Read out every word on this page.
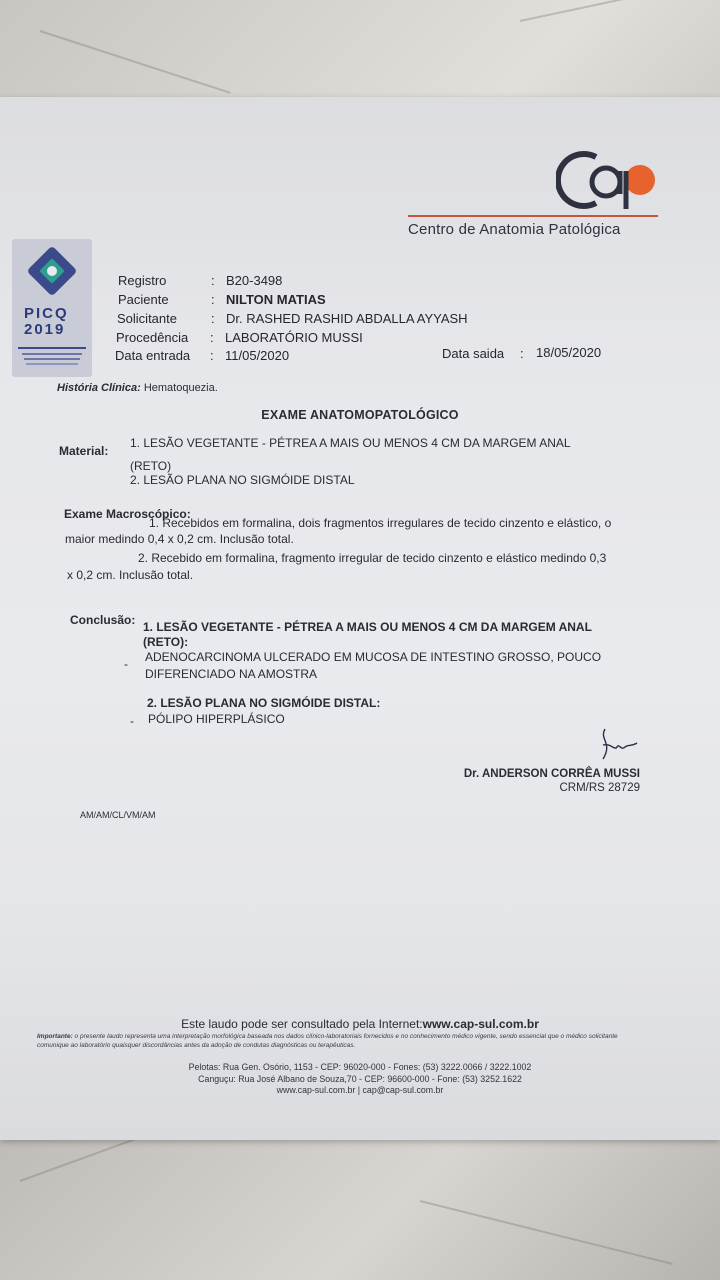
Centro de Anatomia Patológica
PICQ
2019
Registro	: B20-3498
Paciente	: NILTON MATIAS
Solicitante	: Dr. RASHED RASHID ABDALLA AYYASH
Procedência : LABORATÓRIO MUSSI
Data entrada : 11/05/2020	Data saida : 18/05/2020
História Clínica: Hematoquezia.
EXAME ANATOMOPATOLÓGICO
Material:
1. LESÃO VEGETANTE - PÉTREA A MAIS OU MENOS 4 CM DA MARGEM ANAL
(RETO)
2. LESÃO PLANA NO SIGMÓIDE DISTAL
Exame Macroscópico:
1. Recebidos em formalina, dois fragmentos irregulares de tecido cinzento e elástico, o
maior medindo 0,4 x 0,2 cm. Inclusão total.
2. Recebido em formalina, fragmento irregular de tecido cinzento e elástico medindo 0,3
x 0,2 cm. Inclusão total.
Conclusão: 1. LESÃO VEGETANTE - PÉTREA A MAIS OU MENOS 4 CM DA MARGEM ANAL
(RETO):
- ADENOCARCINOMA ULCERADO EM MUCOSA DE INTESTINO GROSSO, POUCO
DIFERENCIADO NA AMOSTRA
2. LESÃO PLANA NO SIGMÓIDE DISTAL:
- PÓLIPO HIPERPLÁSICO
Dr. ANDERSON CORRÊA MUSSI
CRM/RS 28729
AM/AM/CL/VM/AM
Este laudo pode ser consultado pela Internet:www.cap-sul.com.br
Importante: o presente laudo representa uma interpretação morfológica baseada nos dados clínico-laboratoriais fornecidos e no conhecimento médico vigente, sendo essencial que o médico solicitante comunique ao laboratório quaisquer discordâncias antes da adoção de condutas diagnósticas ou terapêuticas.
Pelotas: Rua Gen. Osório, 1153 - CEP: 96020-000 - Fones: (53) 3222.0066 / 3222.1002
Canguçu: Rua José Albano de Souza,70 - CEP: 96600-000 - Fone: (53) 3252.1622
www.cap-sul.com.br | cap@cap-sul.com.br
